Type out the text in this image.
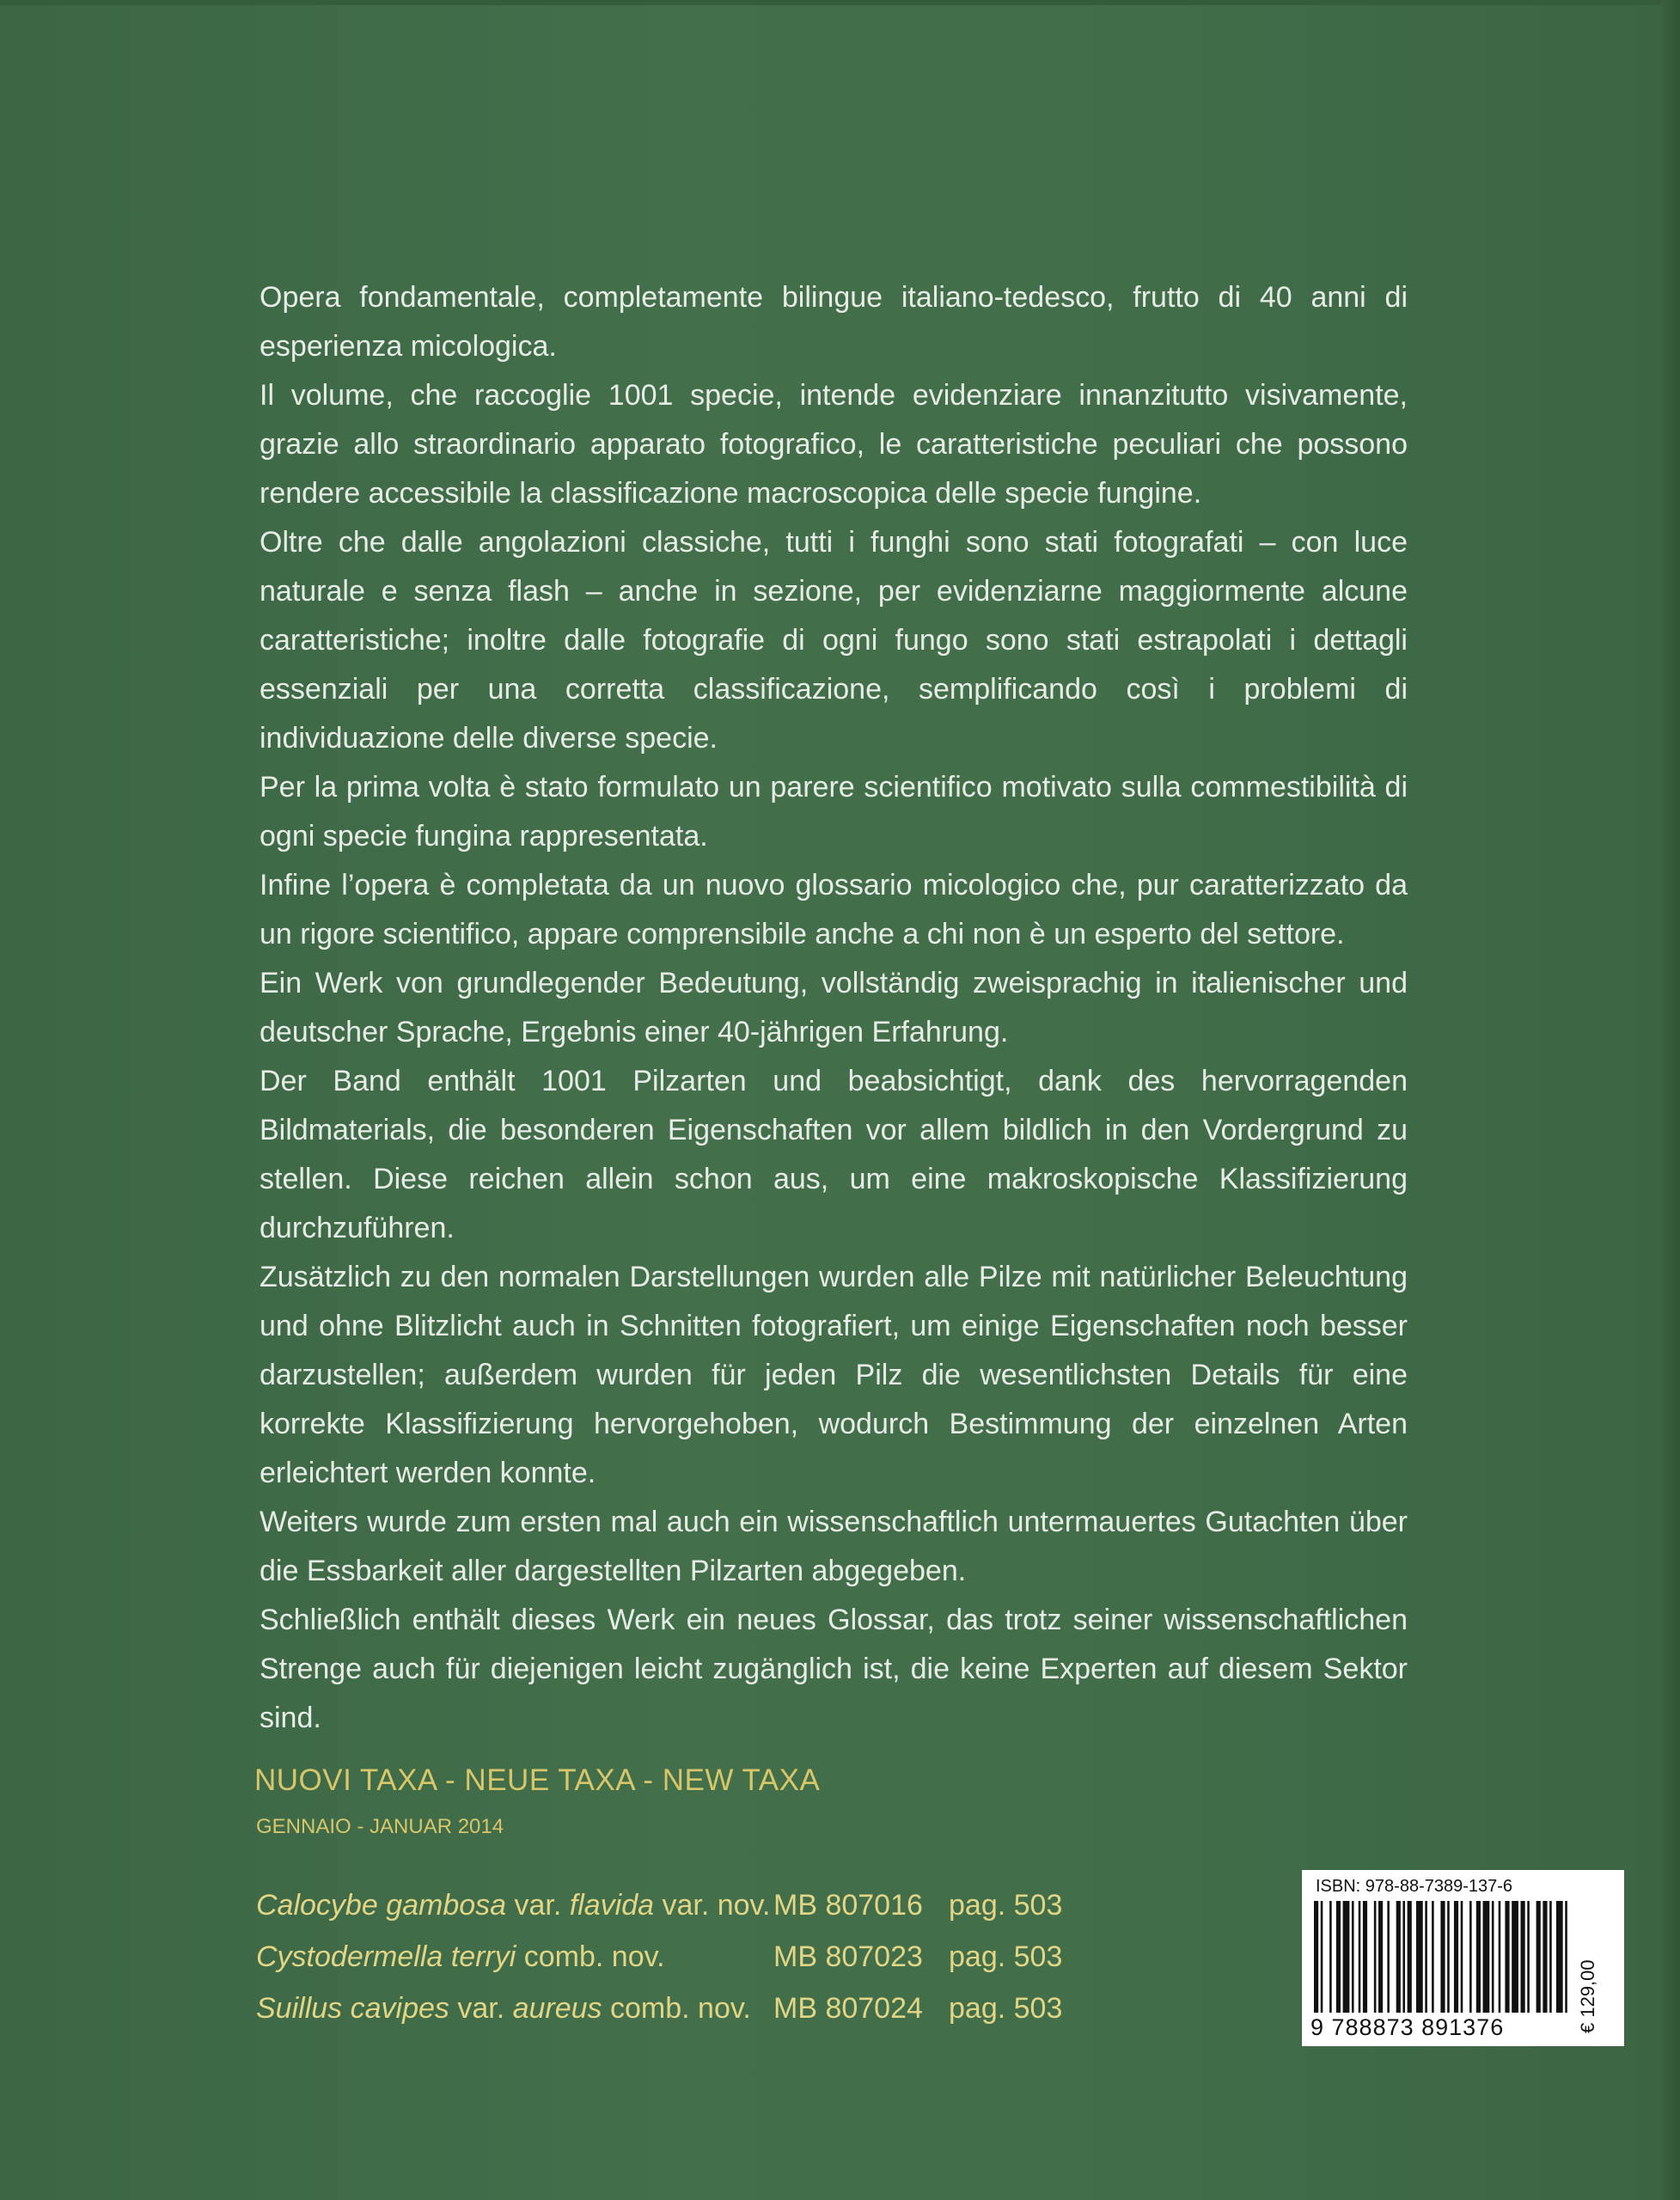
Opera fondamentale, completamente bilingue italiano-tedesco, frutto di 40 anni di esperienza micologica.

Il volume, che raccoglie 1001 specie, intende evidenziare innanzitutto visivamente, grazie allo straordinario apparato fotografico, le caratteristiche peculiari che possono rendere accessibile la classificazione macroscopica delle specie fungine.

Oltre che dalle angolazioni classiche, tutti i funghi sono stati fotografati – con luce naturale e senza flash – anche in sezione, per evidenziarne maggiormente alcune caratteristiche; inoltre dalle fotografie di ogni fungo sono stati estrapolati i dettagli essenziali per una corretta classificazione, semplificando così i problemi di individuazione delle diverse specie.

Per la prima volta è stato formulato un parere scientifico motivato sulla commestibilità di ogni specie fungina rappresentata.

Infine l’opera è completata da un nuovo glossario micologico che, pur caratterizzato da un rigore scientifico, appare comprensibile anche a chi non è un esperto del settore.

Ein Werk von grundlegender Bedeutung, vollständig zweisprachig in italienischer und deutscher Sprache, Ergebnis einer 40-jährigen Erfahrung.

Der Band enthält 1001 Pilzarten und beabsichtigt, dank des hervorragenden Bildmaterials, die besonderen Eigenschaften vor allem bildlich in den Vordergrund zu stellen. Diese reichen allein schon aus, um eine makroskopische Klassifizierung durchzuführen.

Zusätzlich zu den normalen Darstellungen wurden alle Pilze mit natürlicher Beleuchtung und ohne Blitzlicht auch in Schnitten fotografiert, um einige Eigenschaften noch besser darzustellen; außerdem wurden für jeden Pilz die wesentlichsten Details für eine korrekte Klassifizierung hervorgehoben, wodurch Bestimmung der einzelnen Arten erleichtert werden konnte.

Weiters wurde zum ersten mal auch ein wissenschaftlich untermauertes Gutachten über die Essbarkeit aller dargestellten Pilzarten abgegeben.

Schließlich enthält dieses Werk ein neues Glossar, das trotz seiner wissenschaftlichen Strenge auch für diejenigen leicht zugänglich ist, die keine Experten auf diesem Sektor sind.

NUOVI TAXA - NEUE TAXA - NEW TAXA
GENNAIO - JANUAR 2014
Calocybe gambosa var. flavida var. nov. MB 807016 pag. 503
Cystodermella terryi comb. nov.	MB 807023 pag. 503
Suillus cavipes var. aureus comb. nov. MB 807024 pag. 503
ISBN: 978-88-7389-137-6
9 788873 891376	€ 129,00
